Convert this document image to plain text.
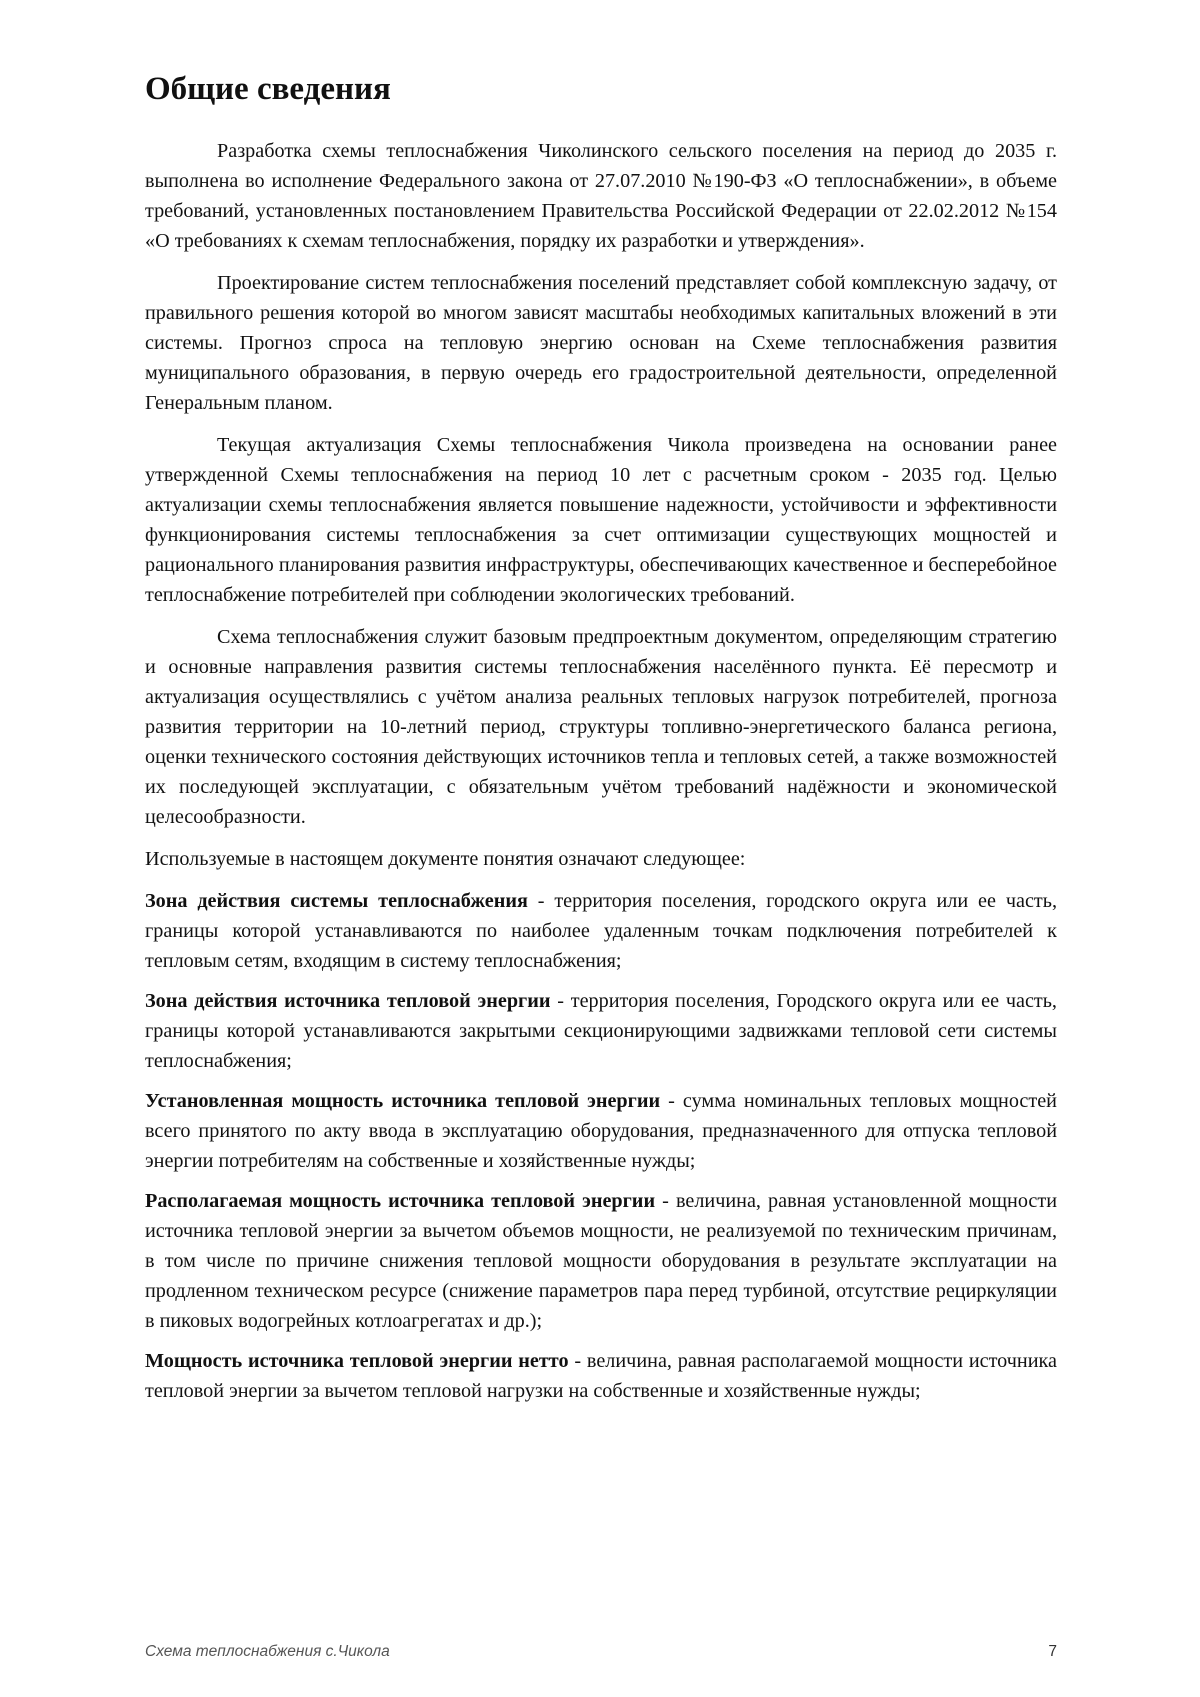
Общие сведения

Разработка схемы теплоснабжения Чиколинского сельского поселения на период до 2035 г. выполнена во исполнение Федерального закона от 27.07.2010 №190-ФЗ «О теплоснабжении», в объеме требований, установленных постановлением Правительства Российской Федерации от 22.02.2012 №154 «О требованиях к схемам теплоснабжения, порядку их разработки и утверждения».

Проектирование систем теплоснабжения поселений представляет собой комплексную задачу, от правильного решения которой во многом зависят масштабы необходимых капитальных вложений в эти системы. Прогноз спроса на тепловую энергию основан на Схеме теплоснабжения развития муниципального образования, в первую очередь его градостроительной деятельности, определенной Генеральным планом.

Текущая актуализация Схемы теплоснабжения Чикола произведена на основании ранее утвержденной Схемы теплоснабжения на период 10 лет с расчетным сроком - 2035 год. Целью актуализации схемы теплоснабжения является повышение надежности, устойчивости и эффективности функционирования системы теплоснабжения за счет оптимизации существующих мощностей и рационального планирования развития инфраструктуры, обеспечивающих качественное и бесперебойное теплоснабжение потребителей при соблюдении экологических требований.

Схема теплоснабжения служит базовым предпроектным документом, определяющим стратегию и основные направления развития системы теплоснабжения населённого пункта. Её пересмотр и актуализация осуществлялись с учётом анализа реальных тепловых нагрузок потребителей, прогноза развития территории на 10-летний период, структуры топливно-энергетического баланса региона, оценки технического состояния действующих источников тепла и тепловых сетей, а также возможностей их последующей эксплуатации, с обязательным учётом требований надёжности и экономической целесообразности.

Используемые в настоящем документе понятия означают следующее:

Зона действия системы теплоснабжения - территория поселения, городского округа или ее часть, границы которой устанавливаются по наиболее удаленным точкам подключения потребителей к тепловым сетям, входящим в систему теплоснабжения;

Зона действия источника тепловой энергии - территория поселения, Городского округа или ее часть, границы которой устанавливаются закрытыми секционирующими задвижками тепловой сети системы теплоснабжения;

Установленная мощность источника тепловой энергии - сумма номинальных тепловых мощностей всего принятого по акту ввода в эксплуатацию оборудования, предназначенного для отпуска тепловой энергии потребителям на собственные и хозяйственные нужды;

Располагаемая мощность источника тепловой энергии - величина, равная установленной мощности источника тепловой энергии за вычетом объемов мощности, не реализуемой по техническим причинам, в том числе по причине снижения тепловой мощности оборудования в результате эксплуатации на продленном техническом ресурсе (снижение параметров пара перед турбиной, отсутствие рециркуляции в пиковых водогрейных котлоагрегатах и др.);

Мощность источника тепловой энергии нетто - величина, равная располагаемой мощности источника тепловой энергии за вычетом тепловой нагрузки на собственные и хозяйственные нужды;

Схема теплоснабжения с.Чикола	7
